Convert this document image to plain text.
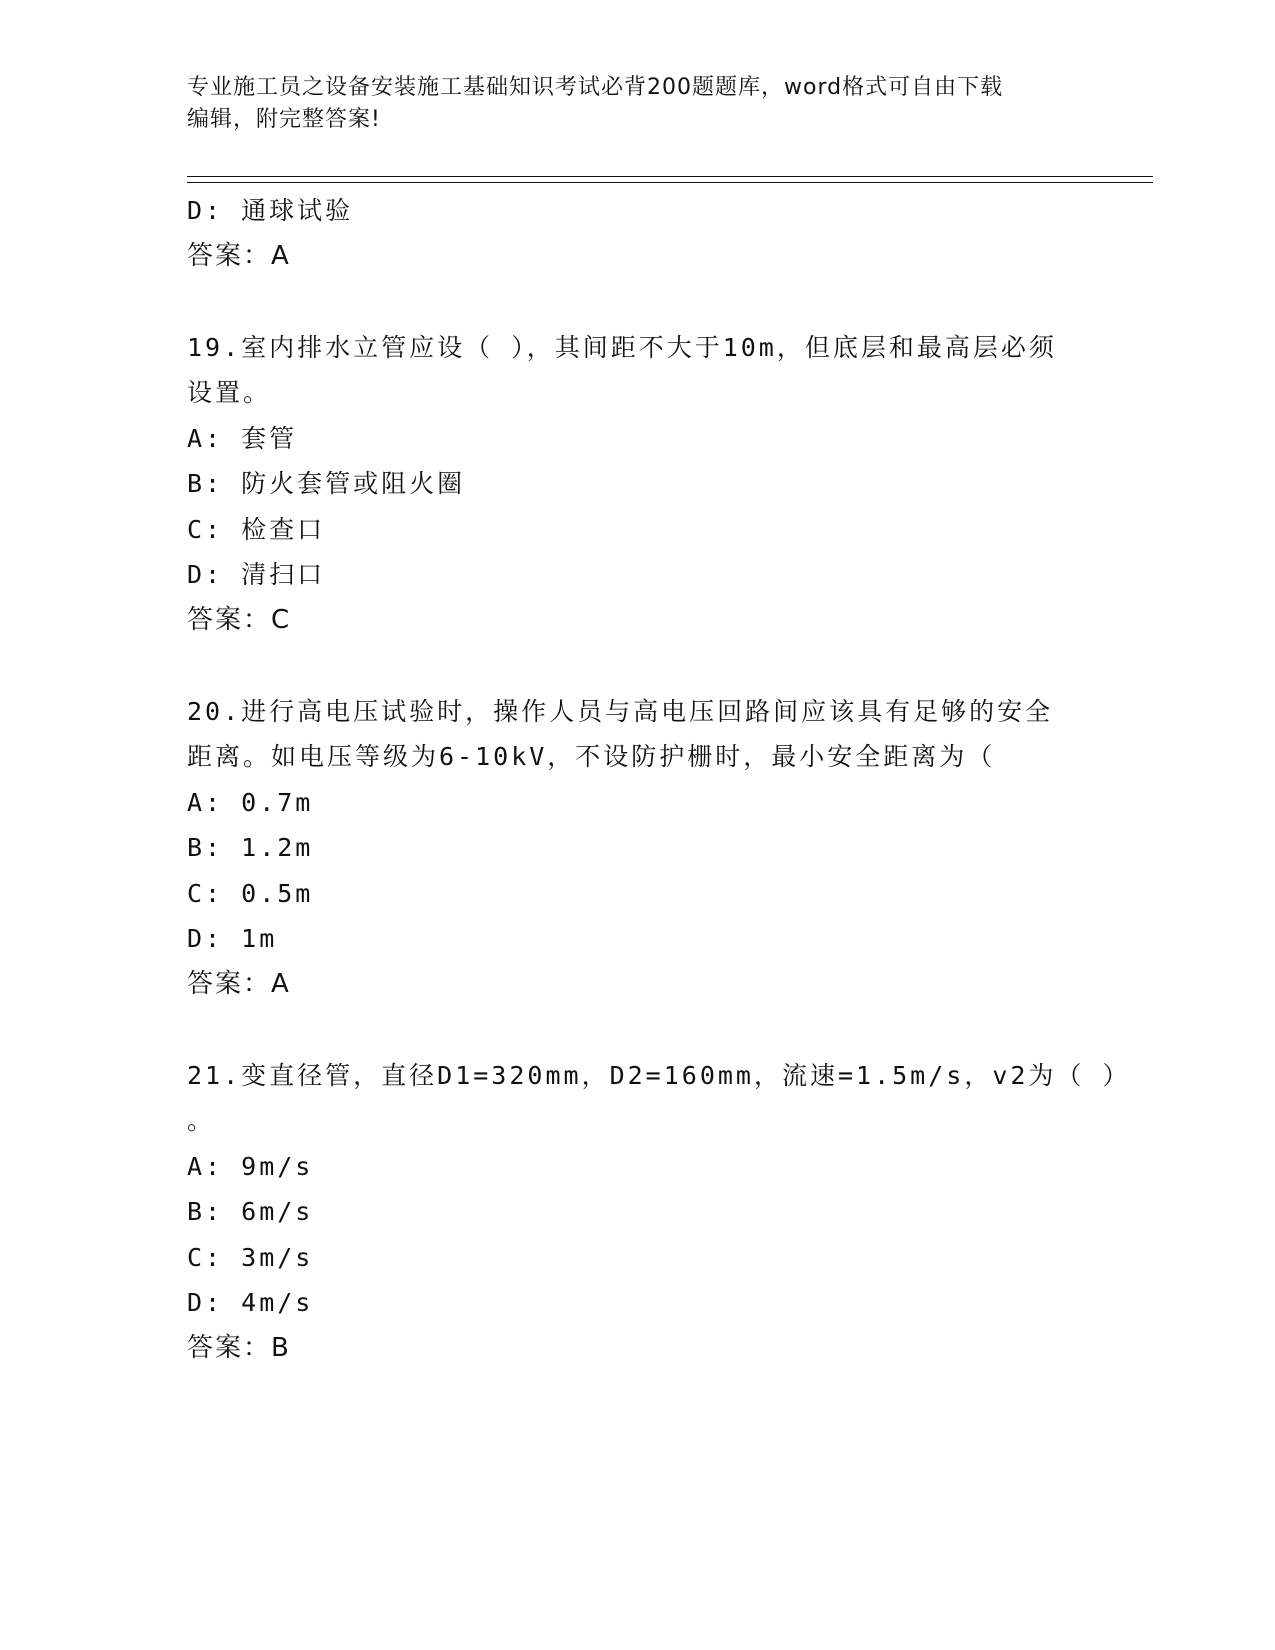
专业施工员之设备安装施工基础知识考试必背200题题库，word格式可自由下载
编辑，附完整答案!
D: 通球试验
答案：A
19.室内排水立管应设（ ），其间距不大于10m，但底层和最高层必须
设置。
A: 套管
B: 防火套管或阻火圈
C: 检查口
D: 清扫口
答案：C
20.进行高电压试验时，操作人员与高电压回路间应该具有足够的安全
距离。如电压等级为6-10kV，不设防护栅时，最小安全距离为（
A: 0.7m
B: 1.2m
C: 0.5m
D: 1m
答案：A
21.变直径管，直径D1=320mm，D2=160mm，流速=1.5m/s，v2为（ ）
。
A: 9m/s
B: 6m/s
C: 3m/s
D: 4m/s
答案：B
